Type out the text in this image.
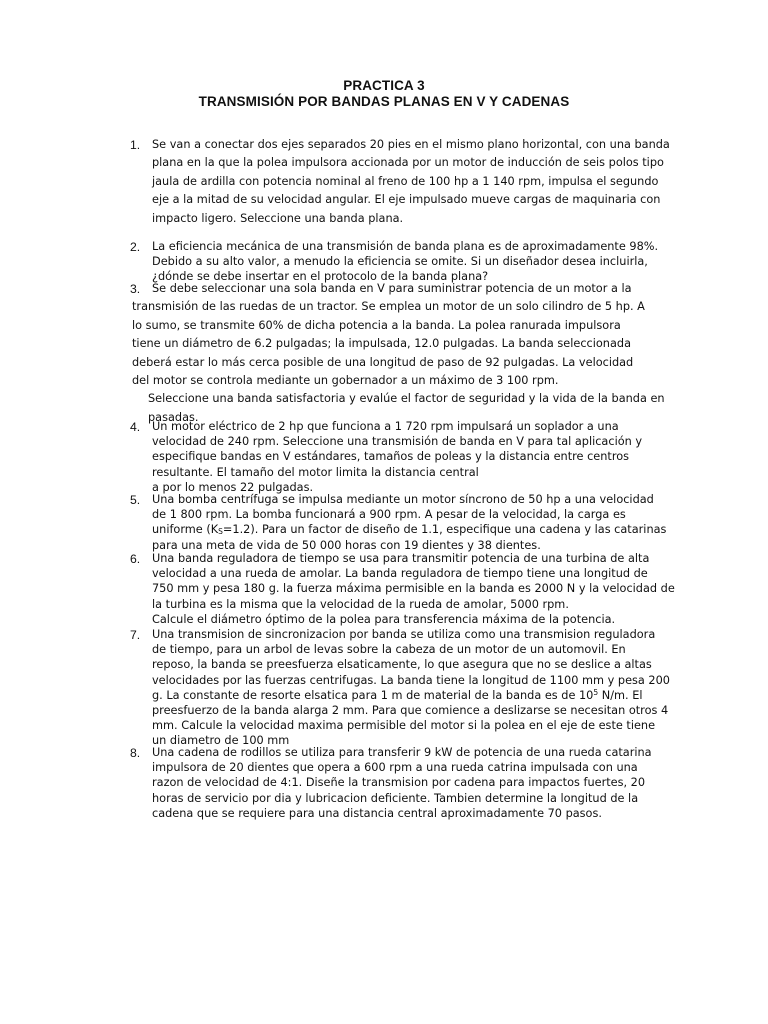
PRACTICA 3
TRANSMISIÓN POR BANDAS PLANAS EN V Y CADENAS
1. Se van a conectar dos ejes separados 20 pies en el mismo plano horizontal, con una banda
plana en la que la polea impulsora accionada por un motor de inducción de seis polos tipo
jaula de ardilla con potencia nominal al freno de 100 hp a 1 140 rpm, impulsa el segundo
eje a la mitad de su velocidad angular. El eje impulsado mueve cargas de maquinaria con
impacto ligero. Seleccione una banda plana.
2. La eficiencia mecánica de una transmisión de banda plana es de aproximadamente 98%.
Debido a su alto valor, a menudo la eficiencia se omite. Si un diseñador desea incluirla,
¿dónde se debe insertar en el protocolo de la banda plana?
3. Se debe seleccionar una sola banda en V para suministrar potencia de un motor a la
transmisión de las ruedas de un tractor. Se emplea un motor de un solo cilindro de 5 hp. A
lo sumo, se transmite 60% de dicha potencia a la banda. La polea ranurada impulsora
tiene un diámetro de 6.2 pulgadas; la impulsada, 12.0 pulgadas. La banda seleccionada
deberá estar lo más cerca posible de una longitud de paso de 92 pulgadas. La velocidad
del motor se controla mediante un gobernador a un máximo de 3 100 rpm.
Seleccione una banda satisfactoria y evalúe el factor de seguridad y la vida de la banda en
pasadas.
4. Un motor eléctrico de 2 hp que funciona a 1 720 rpm impulsará un soplador a una
velocidad de 240 rpm. Seleccione una transmisión de banda en V para tal aplicación y
especifique bandas en V estándares, tamaños de poleas y la distancia entre centros
resultante. El tamaño del motor limita la distancia central
a por lo menos 22 pulgadas.
5. Una bomba centrífuga se impulsa mediante un motor síncrono de 50 hp a una velocidad
de 1 800 rpm. La bomba funcionará a 900 rpm. A pesar de la velocidad, la carga es
uniforme $(K_S=1.2)$. Para un factor de diseño de 1.1, especifique una cadena y las catarinas
para una meta de vida de 50 000 horas con 19 dientes y 38 dientes.
6. Una banda reguladora de tiempo se usa para transmitir potencia de una turbina de alta
velocidad a una rueda de amolar. La banda reguladora de tiempo tiene una longitud de
750 mm y pesa 180 g. la fuerza máxima permisible en la banda es 2000 N y la velocidad de
la turbina es la misma que la velocidad de la rueda de amolar, 5000 rpm.
Calcule el diámetro óptimo de la polea para transferencia máxima de la potencia.
7. Una transmision de sincronizacion por banda se utiliza como una transmision reguladora
de tiempo, para un arbol de levas sobre la cabeza de un motor de un automovil. En
reposo, la banda se preesfuerza elsaticamente, lo que asegura que no se deslice a altas
velocidades por las fuerzas centrifugas. La banda tiene la longitud de 1100 mm y pesa 200
g. La constante de resorte elsatica para 1 m de material de la banda es de $10^5$ N/m. El
preesfuerzo de la banda alarga 2 mm. Para que comience a deslizarse se necesitan otros 4
mm. Calcule la velocidad maxima permisible del motor si la polea en el eje de este tiene
un diametro de 100 mm
8. Una cadena de rodillos se utiliza para transferir 9 kW de potencia de una rueda catarina
impulsora de 20 dientes que opera a 600 rpm a una rueda catrina impulsada con una
razon de velocidad de 4:1. Diseñe la transmision por cadena para impactos fuertes, 20
horas de servicio por dia y lubricacion deficiente. Tambien determine la longitud de la
cadena que se requiere para una distancia central aproximadamente 70 pasos.
